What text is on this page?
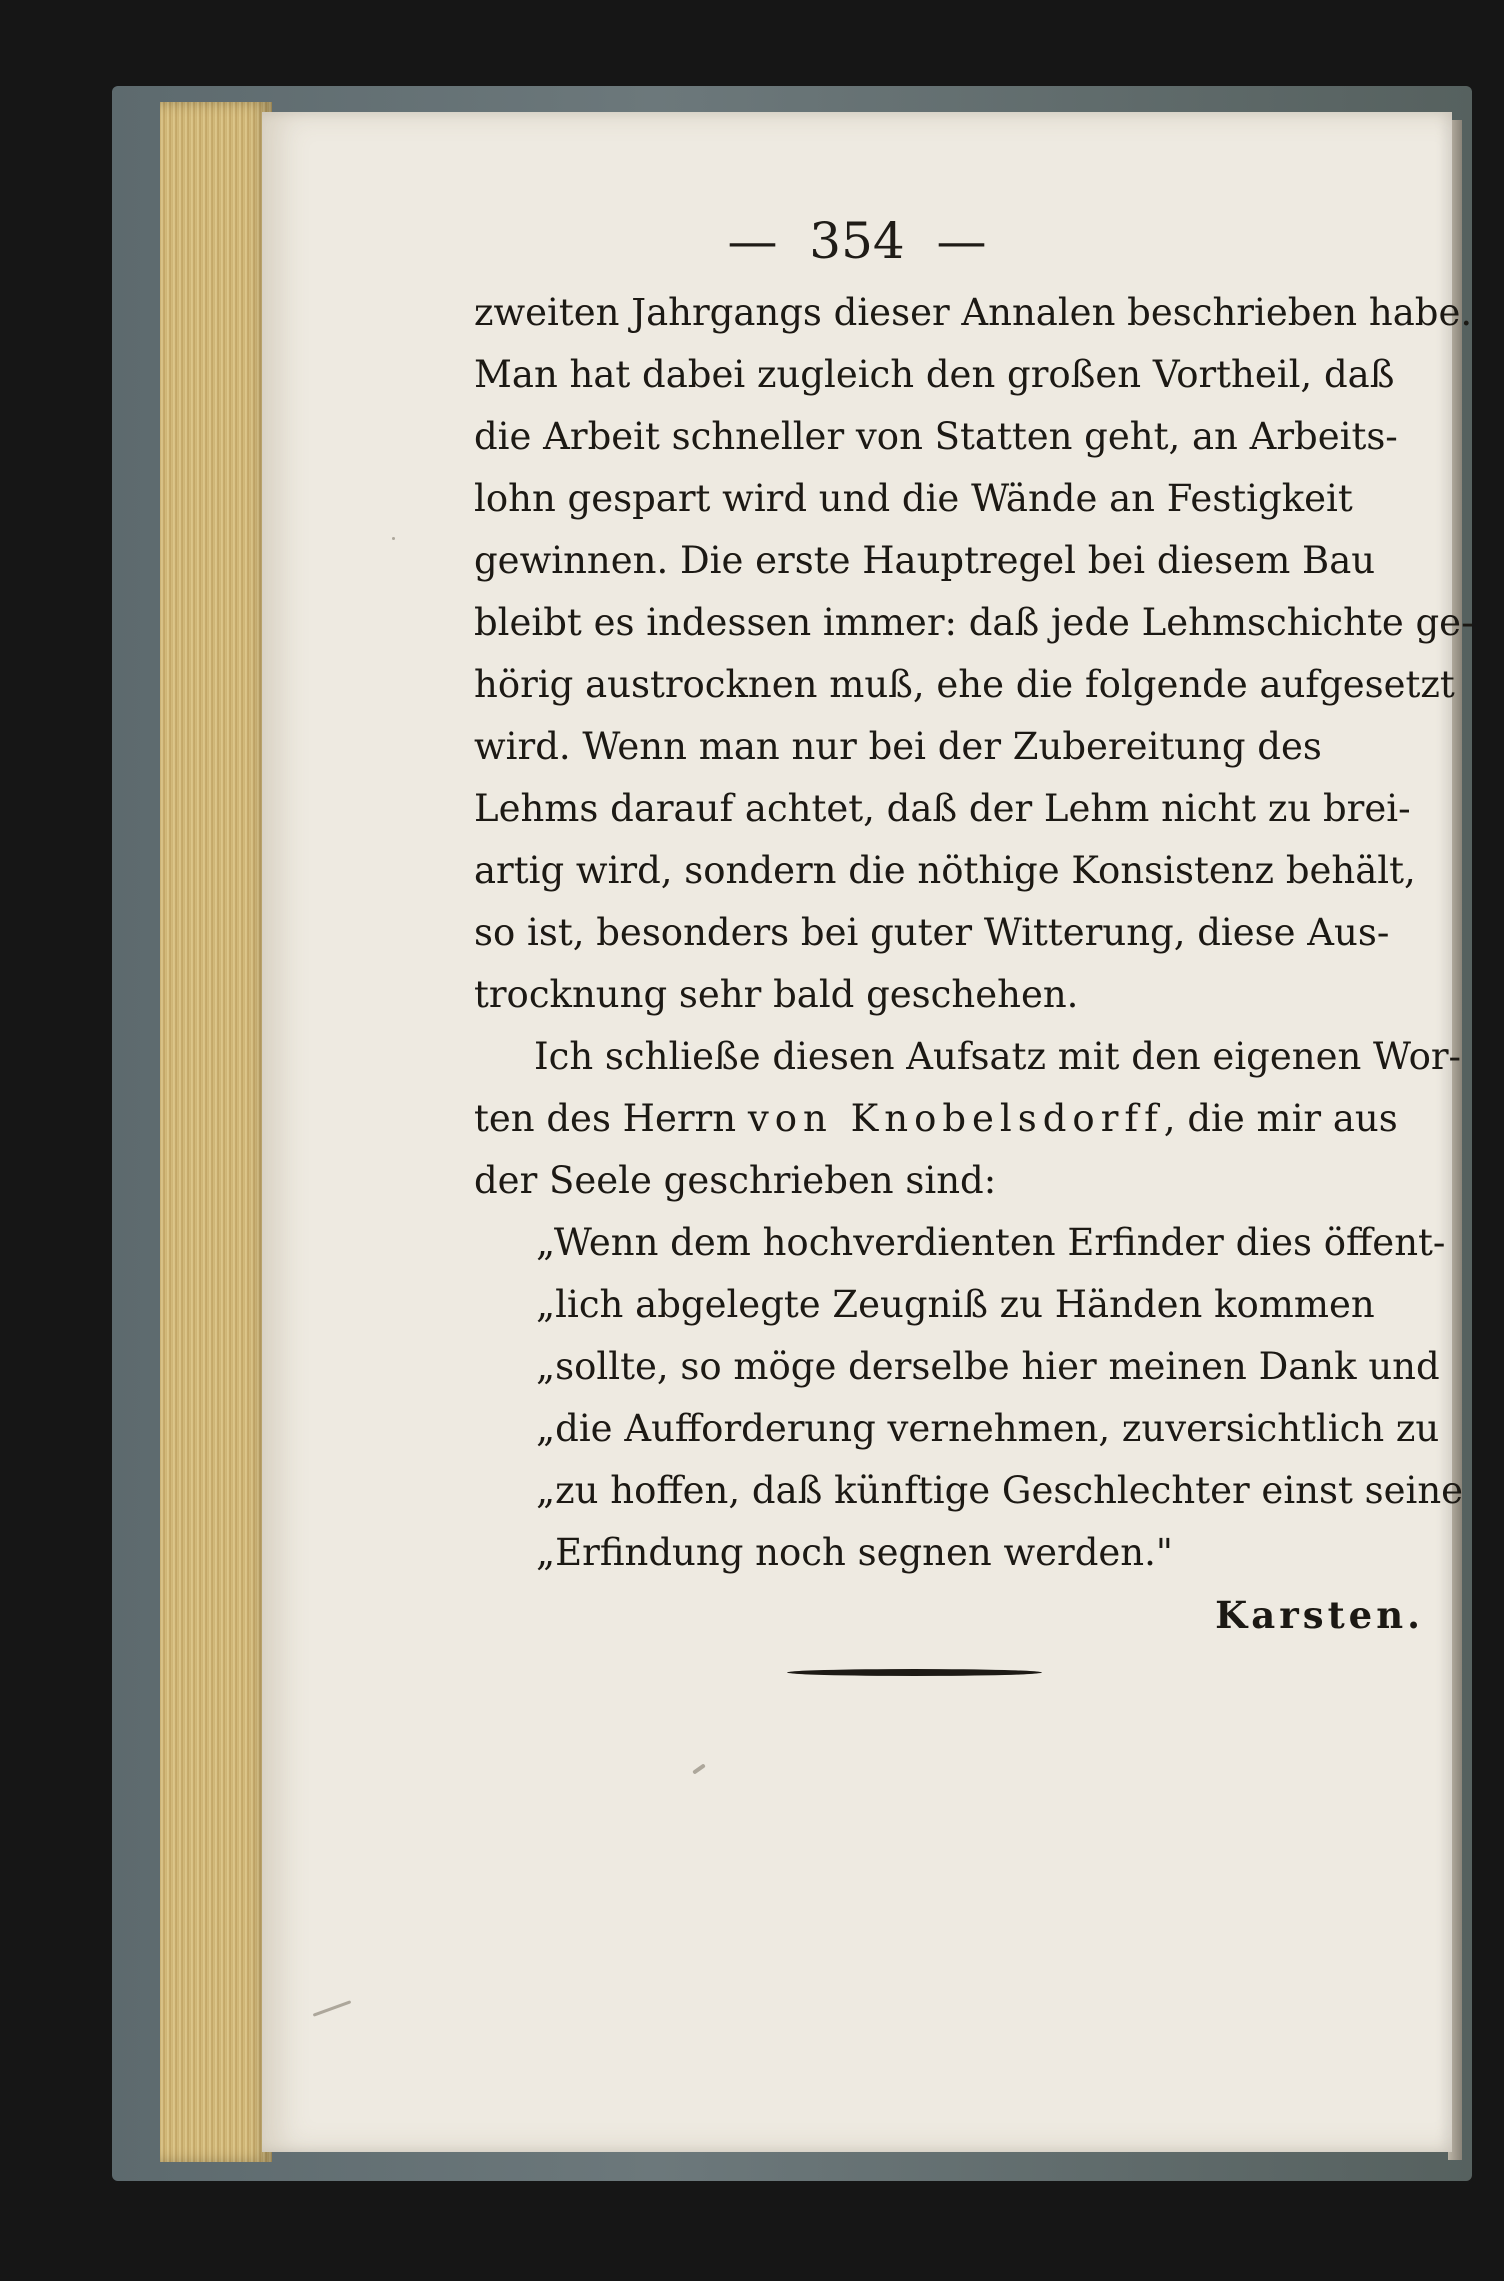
—  354  —
zweiten Jahrgangs dieser Annalen beschrieben habe.
Man hat dabei zugleich den großen Vortheil, daß
die Arbeit schneller von Statten geht, an Arbeits-
lohn gespart wird und die Wände an Festigkeit
gewinnen. Die erste Hauptregel bei diesem Bau
bleibt es indessen immer: daß jede Lehmschichte ge-
hörig austrocknen muß, ehe die folgende aufgesetzt
wird. Wenn man nur bei der Zubereitung des
Lehms darauf achtet, daß der Lehm nicht zu brei-
artig wird, sondern die nöthige Konsistenz behält,
so ist, besonders bei guter Witterung, diese Aus-
trocknung sehr bald geschehen.
Ich schließe diesen Aufsatz mit den eigenen Wor-
ten des Herrn von Knobelsdorff, die mir aus
der Seele geschrieben sind:
„Wenn dem hochverdienten Erfinder dies öffent-
„lich abgelegte Zeugniß zu Händen kommen
„sollte, so möge derselbe hier meinen Dank und
„die Aufforderung vernehmen, zuversichtlich zu
„zu hoffen, daß künftige Geschlechter einst seine
„Erfindung noch segnen werden."
Karsten.
